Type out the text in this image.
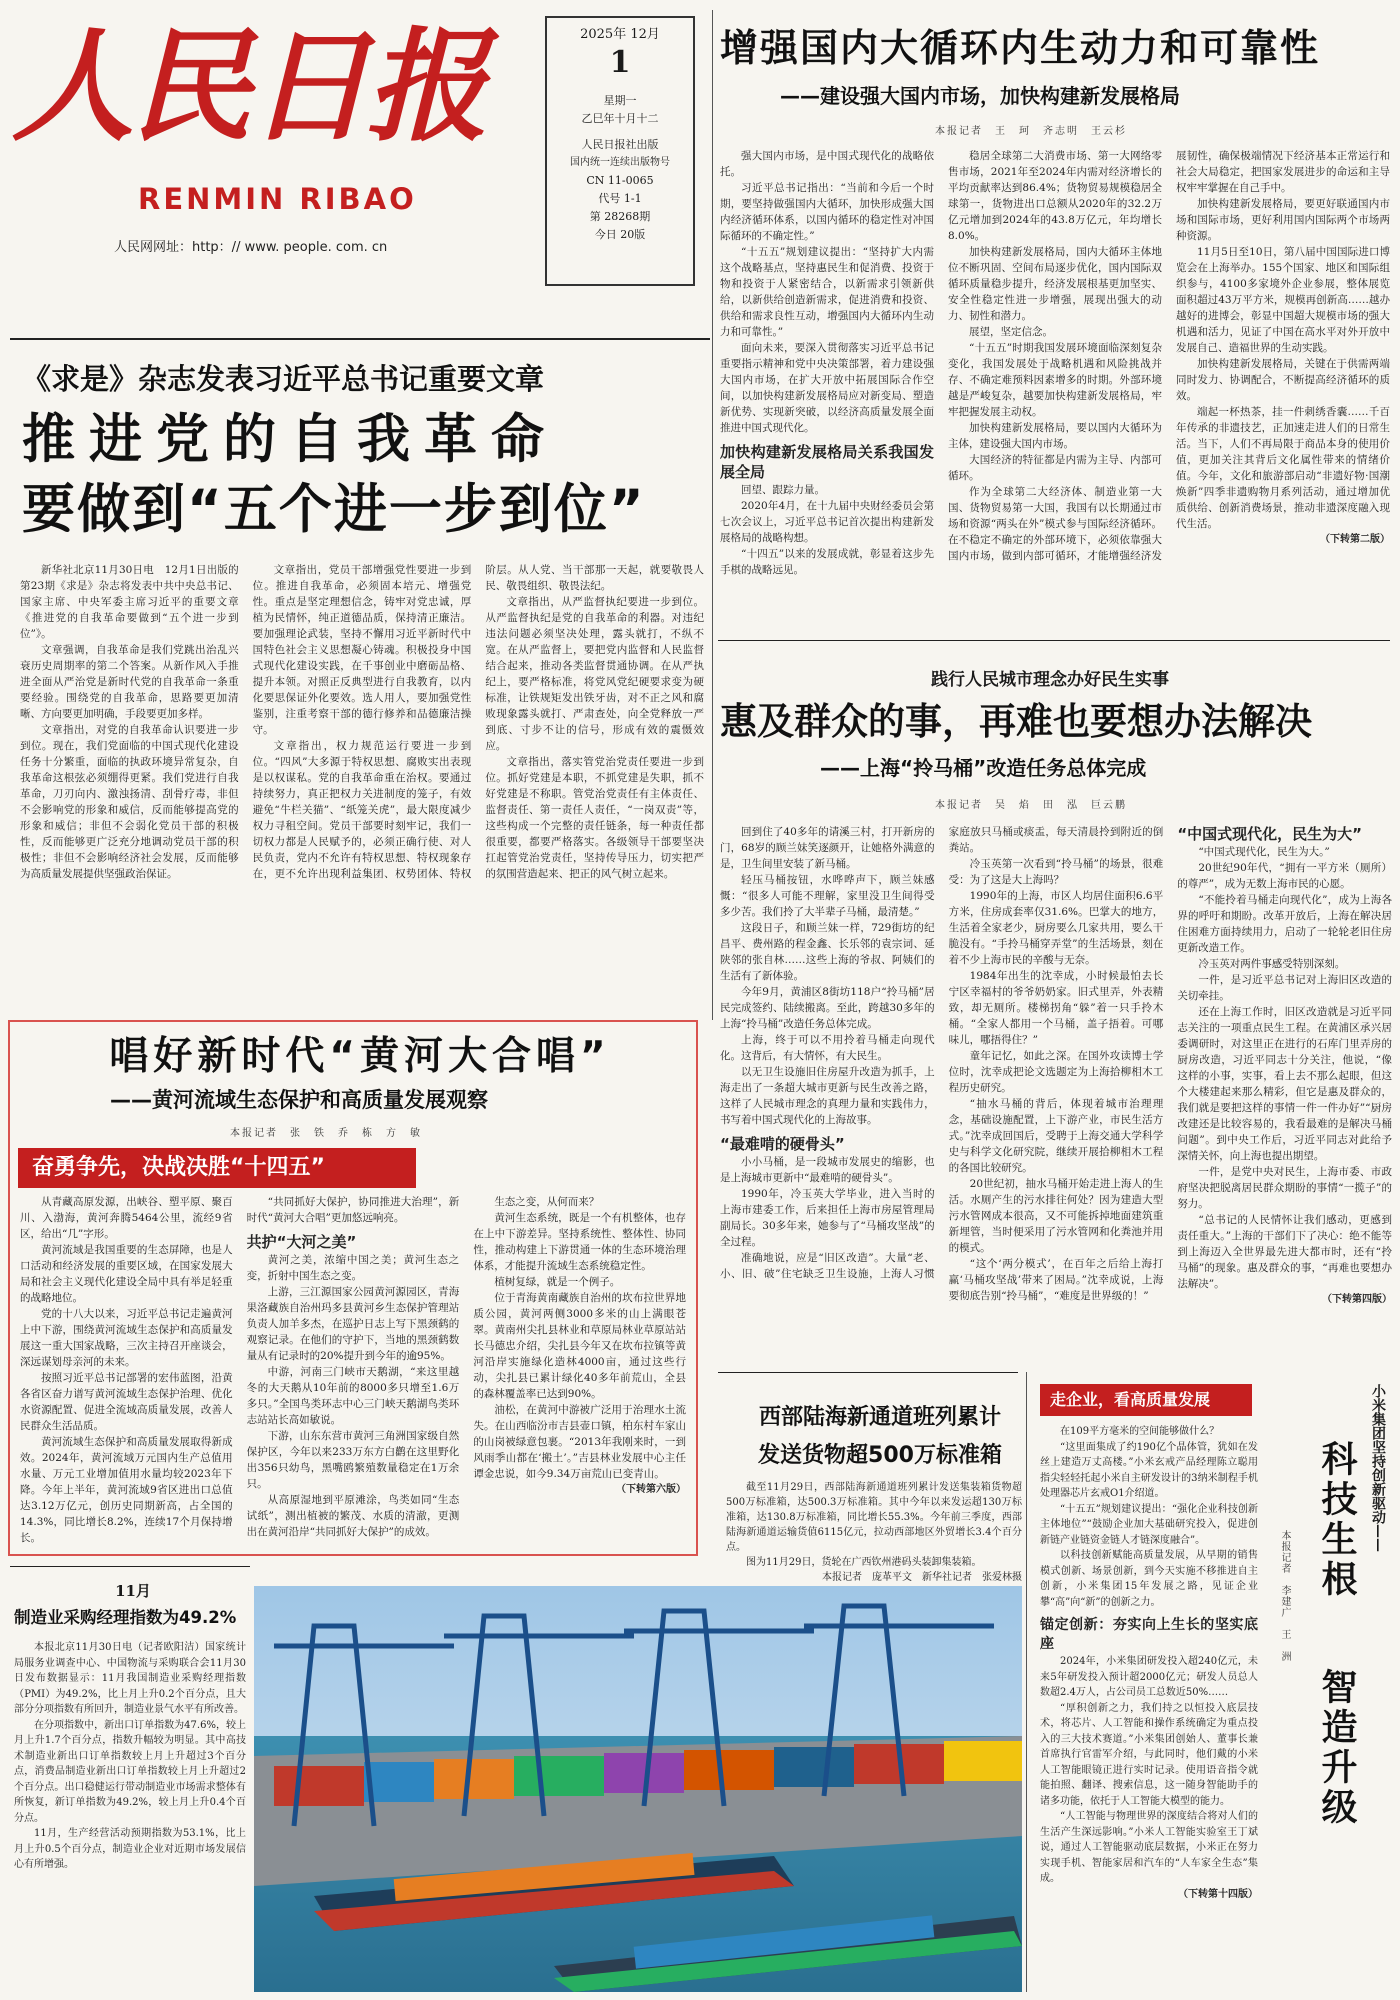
人民日报
RENMIN RIBAO
人民网网址：http：// www. people. com. cn
2025年 12月
1
星期一
乙巳年十月十二
人民日报社出版
国内统一连续出版物号
CN 11-0065
代号 1-1
第 28268期
今日 20版
增强国内大循环内生动力和可靠性
——建设强大国内市场，加快构建新发展格局
本报记者　王　珂　齐志明　王云杉

强大国内市场，是中国式现代化的战略依托。

习近平总书记指出：“当前和今后一个时期，要坚持做强国内大循环，加快形成强大国内经济循环体系，以国内循环的稳定性对冲国际循环的不确定性。”

“十五五”规划建议提出：“坚持扩大内需这个战略基点，坚持惠民生和促消费、投资于物和投资于人紧密结合，以新需求引领新供给，以新供给创造新需求，促进消费和投资、供给和需求良性互动，增强国内大循环内生动力和可靠性。”

面向未来，要深入贯彻落实习近平总书记重要指示精神和党中央决策部署，着力建设强大国内市场，在扩大开放中拓展国际合作空间，以加快构建新发展格局应对新变局、塑造新优势、实现新突破，以经济高质量发展全面推进中国式现代化。

加快构建新发展格局关系我国发展全局

回望、跟踪力量。

2020年4月，在十九届中央财经委员会第七次会议上，习近平总书记首次提出构建新发展格局的战略构想。

“十四五”以来的发展成就，彰显着这步先手棋的战略远见。

稳居全球第二大消费市场、第一大网络零售市场，2021年至2024年内需对经济增长的平均贡献率达到86.4%；货物贸易规模稳居全球第一，货物进出口总额从2020年的32.2万亿元增加到2024年的43.8万亿元，年均增长8.0%。

加快构建新发展格局，国内大循环主体地位不断巩固、空间布局逐步优化，国内国际双循环质量稳步提升，经济发展根基更加坚实、安全性稳定性进一步增强，展现出强大的动力、韧性和潜力。

展望，坚定信念。

“十五五”时期我国发展环境面临深刻复杂变化，我国发展处于战略机遇和风险挑战并存、不确定难预料因素增多的时期。外部环境越是严峻复杂，越要加快构建新发展格局，牢牢把握发展主动权。

加快构建新发展格局，要以国内大循环为主体，建设强大国内市场。

大国经济的特征都是内需为主导、内部可循环。

作为全球第二大经济体、制造业第一大国、货物贸易第一大国，我国有以长期通过市场和资源“两头在外”模式参与国际经济循环。在不稳定不确定的外部环境下，必须依靠强大国内市场，做到内部可循环，才能增强经济发展韧性，确保极端情况下经济基本正常运行和社会大局稳定，把国家发展进步的命运和主导权牢牢掌握在自己手中。

加快构建新发展格局，要更好联通国内市场和国际市场，更好利用国内国际两个市场两种资源。

11月5日至10日，第八届中国国际进口博览会在上海举办。155个国家、地区和国际组织参与，4100多家境外企业参展，整体展览面积超过43万平方米，规模再创新高……越办越好的进博会，彰显中国超大规模市场的强大机遇和活力，见证了中国在高水平对外开放中发展自己、造福世界的生动实践。

加快构建新发展格局，关键在于供需两端同时发力、协调配合，不断提高经济循环的质效。

端起一杯热茶，挂一件刺绣香囊……千百年传承的非遗技艺，正加速走进人们的日常生活。当下，人们不再局限于商品本身的使用价值，更加关注其背后文化属性带来的情绪价值。今年，文化和旅游部启动“非遗好物·国潮焕新”四季非遗购物月系列活动，通过增加优质供给、创新消费场景，推动非遗深度融入现代生活。

（下转第二版）

《求是》杂志发表习近平总书记重要文章
推进党的自我革命
要做到“五个进一步到位”

新华社北京11月30日电　12月1日出版的第23期《求是》杂志将发表中共中央总书记、国家主席、中央军委主席习近平的重要文章《推进党的自我革命要做到“五个进一步到位”》。

文章强调，自我革命是我们党跳出治乱兴衰历史周期率的第二个答案。从新作风入手推进全面从严治党是新时代党的自我革命一条重要经验。围绕党的自我革命，思路要更加清晰、方向要更加明确，手段要更加多样。

文章指出，对党的自我革命认识要进一步到位。现在，我们党面临的中国式现代化建设任务十分繁重，面临的执政环境异常复杂，自我革命这根弦必须绷得更紧。我们党进行自我革命，刀刃向内、激浊扬清、刮骨疗毒，非但不会影响党的形象和威信，反而能够提高党的形象和威信；非但不会弱化党员干部的积极性，反而能够更广泛充分地调动党员干部的积极性；非但不会影响经济社会发展，反而能够为高质量发展提供坚强政治保证。

文章指出，党员干部增强党性要进一步到位。推进自我革命，必须固本培元、增强党性。重点是坚定理想信念，铸牢对党忠诚，厚植为民情怀，纯正道德品质，保持清正廉洁。要加强理论武装，坚持不懈用习近平新时代中国特色社会主义思想凝心铸魂。积极投身中国式现代化建设实践，在千事创业中磨砺品格、提升本领。对照正反典型进行自我教育，以内化要思保证外化要效。选人用人，要加强党性鉴别，注重考察干部的德行修养和品德廉洁操守。

文章指出，权力规范运行要进一步到位。“四风”大多源于特权思想、腐败实出表现是以权谋私。党的自我革命重在治权。要通过持续努力，真正把权力关进制度的笼子，有效避免“牛栏关猫”、“纸笼关虎”，最大限度减少权力寻租空间。党员干部要时刻牢记，我们一切权力都是人民赋予的，必须正确行使、对人民负责，党内不允许有特权思想、特权现象存在，更不允许出现利益集团、权势团体、特权阶层。从人党、当干部那一天起，就要敬畏人民、敬畏组织、敬畏法纪。

文章指出，从严监督执纪要进一步到位。从严监督执纪是党的自我革命的利器。对违纪违法问题必须坚决处理，露头就打，不纵不宽。在从严监督上，要把党内监督和人民监督结合起来，推动各类监督贯通协调。在从严执纪上，要严格标准，将党风党纪硬要求变为硬标准，让铁规矩发出铁牙齿，对不正之风和腐败现象露头就打、严肃查处，向全党释放一严到底、寸步不让的信号，形成有效的震慑效应。

文章指出，落实管党治党责任要进一步到位。抓好党建是本职，不抓党建是失职，抓不好党建是不称职。管党治党责任有主体责任、监督责任、第一责任人责任，“一岗双责”等，这些构成一个完整的责任链条，每一种责任都很重要，都要严格落实。各级领导干部要坚决扛起管党治党责任，坚持传导压力，切实把严的氛围营造起来、把正的风气树立起来。

践行人民城市理念办好民生实事
惠及群众的事，再难也要想办法解决
——上海“拎马桶”改造任务总体完成
本报记者　吴　焰　田　泓　巨云鹏

回到住了40多年的请溪三村，打开新房的门，68岁的顾兰妹笑逐颜开，让她格外满意的是，卫生间里安装了新马桶。

轻压马桶按钮，水哗哗声下，顾兰妹感慨：“很多人可能不理解，家里没卫生间得受多少苦。我们拎了大半辈子马桶，最清楚。”

这段日子，和顾兰妹一样，729街坊的纪昌平、费州路的程金鑫、长乐邻的袁宗词、延陕邻的张自林……这些上海的爷叔、阿姨们的生活有了新体验。

今年9月，黄浦区8街坊118户“拎马桶”居民完成签约、陆续搬离。至此，跨越30多年的上海“拎马桶”改造任务总体完成。

上海，终于可以不用拎着马桶走向现代化。这背后，有大情怀，有大民生。

以无卫生设施旧住房屋升改造为抓手，上海走出了一条超大城市更新与民生改善之路，这样了人民城市理念的真理力量和实践伟力，书写着中国式现代化的上海故事。

“最难啃的硬骨头”

小小马桶，是一段城市发展史的缩影，也是上海城市更新中“最难啃的硬骨头”。

1990年，冷玉英大学毕业，进入当时的上海市建委工作，后来担任上海市房屋管理局副局长。30多年来，她参与了“马桶攻坚战”的全过程。

准确地说，应是“旧区改造”。大量“老、小、旧、破”住宅缺乏卫生设施，上海人习惯家庭放只马桶或痰盂，每天清晨拎到附近的倒粪站。

冷玉英第一次看到“拎马桶”的场景，很难受：为了这是大上海吗？

1990年的上海，市区人均居住面积6.6平方米，住房成套率仅31.6%。巴掌大的地方，生活着全家老少，厨房要么几家共用，要么干脆没有。“手拎马桶穿弄堂”的生活场景，刻在着不少上海市民的辛酸与无奈。

1984年出生的沈幸成，小时候最怕去长宁区幸福村的爷爷奶奶家。旧式里弄，外表精致，却无厕所。楼梯拐角“躲”着一只手拎木桶。“全家人都用一个马桶，盖子捂着。可哪味儿，哪捂得住？”

童年记忆，如此之深。在国外攻读博士学位时，沈幸成把论文选题定为上海拾柳相木工程历史研究。

“抽水马桶的背后，体现着城市治理理念，基础设施配置，上下游产业，市民生活方式。”沈幸成回国后，受聘于上海交通大学科学史与科学文化研究院，继续开展拾柳相木工程的各国比较研究。

20世纪初，抽水马桶开始走进上海人的生活。水厕产生的污水排往何处？因为建造大型污水管网成本很高，又不可能拆掉地面建筑重新埋管，当时便采用了污水管网和化粪池并用的模式。

“这个‘两分模式’，在百年之后给上海打赢‘马桶攻坚战’带来了困局。”沈幸成说，上海要彻底告别“拎马桶”，“难度是世界级的！”

“中国式现代化，民生为大”

“中国式现代化，民生为大。”

20世纪90年代，“拥有一平方米（厕所）的尊严”，成为无数上海市民的心愿。

“不能拎着马桶走向现代化”，成为上海各界的呼吁和期盼。改革开放后，上海在解决居住困难方面持续用力，启动了一轮轮老旧住房更新改造工作。

冷玉英对两件事感受特别深刻。

一件，是习近平总书记对上海旧区改造的关切牵挂。

还在上海工作时，旧区改造就是习近平同志关注的一项重点民生工程。在黄浦区承兴居委调研时，对这里正在进行的石库门里弄房的厨房改造，习近平同志十分关注，他说，“像这样的小事，实事，看上去不那么起眼，但这个大楼建起来那么精彩，但它是惠及群众的，我们就是要把这样的事情一件一件办好”“厨房改建还是比较容易的，我看最难的是解决马桶问题”。到中央工作后，习近平同志对此给予深情关怀，向上海也提出期望。

一件，是党中央对民生，上海市委、市政府坚决把脱离居民群众期盼的事情“一揽子”的努力。

“总书记的人民情怀让我们感动，更感到责任重大。”上海的干部们下了决心：绝不能等到上海迈入全世界最先进大都市时，还有“拎马桶”的现象。惠及群众的事，“再难也要想办法解决”。

（下转第四版）

唱好新时代“黄河大合唱”
——黄河流域生态保护和高质量发展观察
本报记者　张　铁　乔　栋　方　敏
奋勇争先，决战决胜“十四五”

从青藏高原发源，出峡谷、塑平原、聚百川、入渤海，黄河奔腾5464公里，流经9省区，给出“几”字形。

黄河流域是我国重要的生态屏障，也是人口活动和经济发展的重要区域，在国家发展大局和社会主义现代化建设全局中具有举足轻重的战略地位。

党的十八大以来，习近平总书记走遍黄河上中下游，围绕黄河流域生态保护和高质量发展这一重大国家战略，三次主持召开座谈会，深远谋划母亲河的未来。

按照习近平总书记部署的宏伟蓝图，沿黄各省区奋力谱写黄河流域生态保护治理、优化水资源配置、促进全流域高质量发展，改善人民群众生活品质。

黄河流域生态保护和高质量发展取得新成效。2024年，黄河流域万元国内生产总值用水量、万元工业增加值用水量均较2023年下降。今年上半年，黄河流域9省区进出口总值达3.12万亿元，创历史同期新高，占全国的14.3%，同比增长8.2%，连续17个月保持增长。

“共同抓好大保护，协同推进大治理”，新时代“黄河大合唱”更加悠远响亮。

共护“大河之美”

黄河之美，浓缩中国之美；黄河生态之变，折射中国生态之变。

上游，三江源国家公园黄河源园区，青海果洛藏族自治州玛多县黄河乡生态保护管理站负责人加羊多杰，在巡护日志上写下黑颈鹤的观察记录。在他们的守护下，当地的黑颈鹤数量从有记录时的20%提升到今年的逾95%。

中游，河南三门峡市天鹅湖，“来这里越冬的大天鹅从10年前的8000多只增至1.6万多只。”全国鸟类环志中心三门峡天鹅湖鸟类环志站站长高如敏说。

下游，山东东营市黄河三角洲国家级自然保护区，今年以来233万东方白鹳在这里野化出356只幼鸟，黑嘴鸥繁殖数量稳定在1万余只。

从高原湿地到平原滩涂，鸟类如同“生态试纸”，测出植被的繁茂、水质的清澈，更测出在黄河沿岸“共同抓好大保护”的成效。

生态之变，从何而来？

黄河生态系统，既是一个有机整体，也存在上中下游差异。坚持系统性、整体性、协同性，推动构建上下游贯通一体的生态环境治理体系，才能提升流域生态系统稳定性。

植树复绿，就是一个例子。

位于青海黄南藏族自治州的坎布拉世界地质公园，黄河两侧3000多米的山上满眼苍翠。黄南州尖扎县林业和草原局林业草原站站长马德忠介绍，尖扎县今年又在坎布拉镇等黄河沿岸实施绿化造林4000亩，通过这些行动，尖扎县已累计绿化40多年前荒山，全县的森林覆盖率已达到90%。

油松，在黄河中游被广泛用于治理水土流失。在山西临汾市吉县壶口镇，柏东村车家山的山岗被绿意包裹。“2013年我刚来时，一到风雨季山都在‘搬土’。”吉县林业发展中心主任谭金忠说，如今9.34万亩荒山已变青山。

（下转第六版）

西部陆海新通道班列累计
发送货物超500万标准箱

截至11月29日，西部陆海新通道班列累计发送集装箱货物超500万标准箱，达500.3万标准箱。其中今年以来发运超130万标准箱，达130.8万标准箱，同比增长55.3%。今年前三季度，西部陆海新通道运输货值6115亿元，拉动西部地区外贸增长3.4个百分点。

图为11月29日，货轮在广西钦州港码头装卸集装箱。

本报记者　庞革平文　新华社记者　张爱林摄

11月
制造业采购经理指数为49.2%

本报北京11月30日电（记者欧阳洁）国家统计局服务业调查中心、中国物流与采购联合会11月30日发布数据显示：11月我国制造业采购经理指数（PMI）为49.2%，比上月上升0.2个百分点，且大部分分项指数有所回升，制造业景气水平有所改善。

在分项指数中，新出口订单指数为47.6%，较上月上升1.7个百分点，指数升幅较为明显。其中高技术制造业新出口订单指数较上月上升超过3个百分点，消费品制造业新出口订单指数较上月上升超过2个百分点。出口稳健运行带动制造业市场需求整体有所恢复，新订单指数为49.2%，较上月上升0.4个百分点。

11月，生产经营活动预期指数为53.1%，比上月上升0.5个百分点，制造业企业对近期市场发展信心有所增强。

走企业，看高质量发展	小米集团坚持创新驱动——
科技生根
智造升级
本报记者　李建广　王　洲

在109平方毫米的空间能够做什么？

“这里面集成了约190亿个晶体管，犹如在发丝上建造万丈高楼。”小米玄戒产品经理陈立聪用指尖轻轻托起小米自主研发设计的3纳米制程手机处理器芯片玄戒O1介绍道。

“十五五”规划建议提出：“强化企业科技创新主体地位”“鼓励企业加大基础研究投入，促进创新链产业链资金链人才链深度融合”。

以科技创新赋能高质量发展，从早期的销售模式创新、场景创新，到今天实施不移推进自主创新，小米集团15年发展之路，见证企业攀“高”向“新”的创新之力。

锚定创新：夯实向上生长的坚实底座

2024年，小米集团研发投入超240亿元，未来5年研发投入预计超2000亿元；研发人员总人数超2.4万人，占公司员工总数近50%……

“厚积创新之力，我们持之以恒投入底层技术，将芯片、人工智能和操作系统确定为重点投入的三大技术赛道。”小米集团创始人、董事长兼首席执行官雷军介绍，与此同时，他们戴的小米人工智能眼镜正进行实时记录。使用语音指令就能拍照、翻译、搜索信息，这一随身智能助手的诸多功能，依托于人工智能大模型的能力。

“人工智能与物理世界的深度结合将对人们的生活产生深远影响。”小米人工智能实验室王丁斌说，通过人工智能驱动底层数据，小米正在努力实现手机、智能家居和汽车的“人车家全生态”集成。

（下转第十四版）
